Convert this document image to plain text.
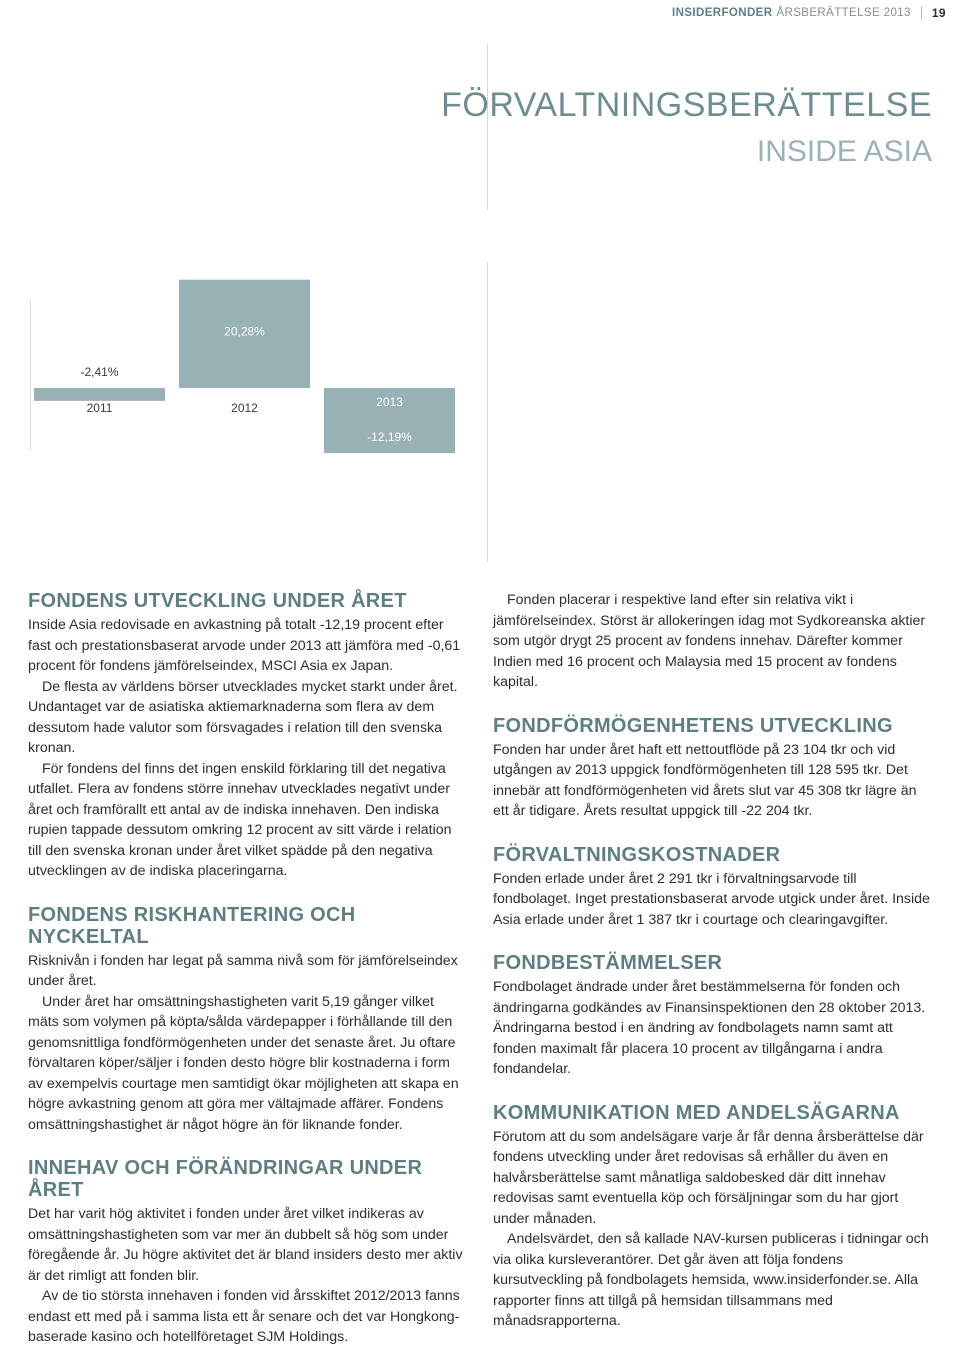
INSIDERFONDER ÅRSBERÄTTELSE 2013 19
FÖRVALTNINGSBERÄTTELSE
INSIDE ASIA
-2,41%
2011
20,28%
2012
-12,19%
2013
FONDENS UTVECKLING UNDER ÅRET

Inside Asia redovisade en avkastning på totalt -12,19 procent efter fast och prestationsbaserat arvode under 2013 att jämföra med -0,61 procent för fondens jämförelseindex, MSCI Asia ex Japan.

De flesta av världens börser utvecklades mycket starkt under året. Undantaget var de asiatiska aktiemarknaderna som flera av dem dessutom hade valutor som försvagades i relation till den svenska kronan.

För fondens del finns det ingen enskild förklaring till det negativa utfallet. Flera av fondens större innehav utvecklades negativt under året och framförallt ett antal av de indiska innehaven. Den indiska rupien tappade dessutom omkring 12 procent av sitt värde i relation till den svenska kronan under året vilket spädde på den negativa utvecklingen av de indiska placeringarna.

FONDENS RISKHANTERING OCH NYCKELTAL

Risknivån i fonden har legat på samma nivå som för jämförelseindex under året.

Under året har omsättningshastigheten varit 5,19 gånger vilket mäts som volymen på köpta/sålda värdepapper i förhållande till den genomsnittliga fondförmögenheten under det senaste året. Ju oftare förvaltaren köper/säljer i fonden desto högre blir kostnaderna i form av exempelvis courtage men samtidigt ökar möjligheten att skapa en högre avkastning genom att göra mer vältajmade affärer. Fondens omsättningshastighet är något högre än för liknande fonder.

INNEHAV OCH FÖRÄNDRINGAR UNDER ÅRET

Det har varit hög aktivitet i fonden under året vilket indikeras av omsättningshastigheten som var mer än dubbelt så hög som under föregående år. Ju högre aktivitet det är bland insiders desto mer aktiv är det rimligt att fonden blir.

Av de tio största innehaven i fonden vid årsskiftet 2012/2013 fanns endast ett med på i samma lista ett år senare och det var Hongkong-baserade kasino och hotellföretaget SJM Holdings.

Fonden placerar i respektive land efter sin relativa vikt i jämförelseindex. Störst är allokeringen idag mot Sydkoreanska aktier som utgör drygt 25 procent av fondens innehav. Därefter kommer Indien med 16 procent och Malaysia med 15 procent av fondens kapital.

FONDFÖRMÖGENHETENS UTVECKLING

Fonden har under året haft ett nettoutflöde på 23 104 tkr och vid utgången av 2013 uppgick fondförmögenheten till 128 595 tkr. Det innebär att fondförmögenheten vid årets slut var 45 308 tkr lägre än ett år tidigare. Årets resultat uppgick till -22 204 tkr.

FÖRVALTNINGSKOSTNADER

Fonden erlade under året 2 291 tkr i förvaltningsarvode till fondbolaget. Inget prestationsbaserat arvode utgick under året. Inside Asia erlade under året 1 387 tkr i courtage och clearingavgifter.

FONDBESTÄMMELSER

Fondbolaget ändrade under året bestämmelserna för fonden och ändringarna godkändes av Finansinspektionen den 28 oktober 2013. Ändringarna bestod i en ändring av fondbolagets namn samt att fonden maximalt får placera 10 procent av tillgångarna i andra fondandelar.

KOMMUNIKATION MED ANDELSÄGARNA

Förutom att du som andelsägare varje år får denna årsberättelse där fondens utveckling under året redovisas så erhåller du även en halvårsberättelse samt månatliga saldobesked där ditt innehav redovisas samt eventuella köp och försäljningar som du har gjort under månaden.

Andelsvärdet, den så kallade NAV-kursen publiceras i tidningar och via olika kursleverantörer. Det går även att följa fondens kursutveckling på fondbolagets hemsida, www.insiderfonder.se. Alla rapporter finns att tillgå på hemsidan tillsammans med månadsrapporterna.
